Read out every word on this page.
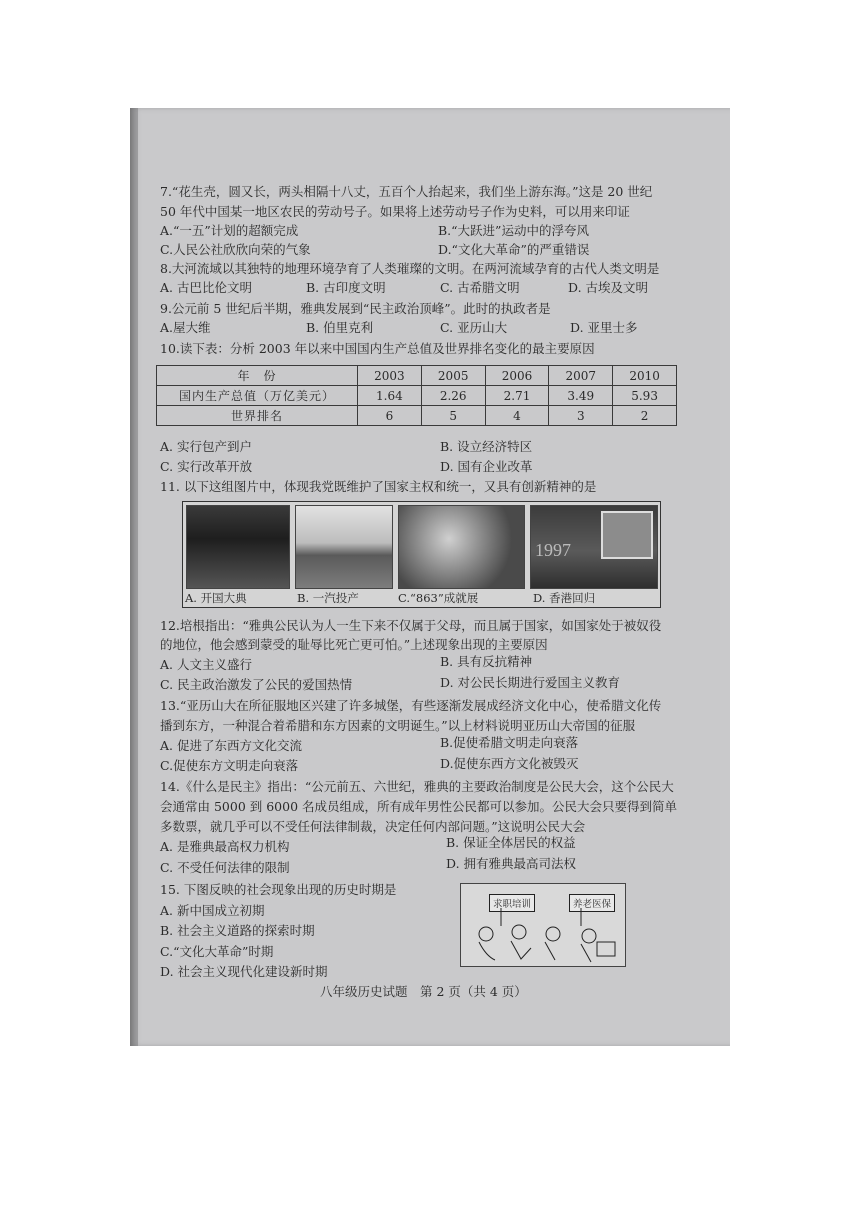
7.“花生壳，圆又长，两头相隔十八丈，五百个人抬起来，我们坐上游东海。”这是 20 世纪
50 年代中国某一地区农民的劳动号子。如果将上述劳动号子作为史料，可以用来印证
A.“一五”计划的超额完成	B.“大跃进”运动中的浮夸风
C.人民公社欣欣向荣的气象	D.“文化大革命”的严重错误
8.大河流域以其独特的地理环境孕育了人类璀璨的文明。在两河流域孕育的古代人类文明是
A. 古巴比伦文明	B. 古印度文明	C. 古希腊文明	D. 古埃及文明
9.公元前 5 世纪后半期，雅典发展到“民主政治顶峰”。此时的执政者是
A.屋大维	B. 伯里克利	C. 亚历山大	D. 亚里士多
10.读下表：分析 2003 年以来中国国内生产总值及世界排名变化的最主要原因
年　份	2003	2005	2006	2007	2010
国内生产总值（万亿美元）	1.64	2.26	2.71	3.49	5.93
世界排名	6	5	4	3	2
A. 实行包产到户	B. 设立经济特区
C. 实行改革开放	D. 国有企业改革
11. 以下这组图片中，体现我党既维护了国家主权和统一，又具有创新精神的是
1997
A. 开国大典	B. 一汽投产	C.“863”成就展	D. 香港回归
12.培根指出：“雅典公民认为人一生下来不仅属于父母，而且属于国家，如国家处于被奴役
的地位，他会感到蒙受的耻辱比死亡更可怕。”上述现象出现的主要原因
A. 人文主义盛行	B. 具有反抗精神
C. 民主政治激发了公民的爱国热情	D. 对公民长期进行爱国主义教育
13.“亚历山大在所征服地区兴建了许多城堡，有些逐渐发展成经济文化中心，使希腊文化传
播到东方，一种混合着希腊和东方因素的文明诞生。”以上材料说明亚历山大帝国的征服
A. 促进了东西方文化交流	B.促使希腊文明走向衰落
C.促使东方文明走向衰落	D.促使东西方文化被毁灭
14.《什么是民主》指出：“公元前五、六世纪，雅典的主要政治制度是公民大会，这个公民大
会通常由 5000 到 6000 名成员组成，所有成年男性公民都可以参加。公民大会只要得到简单
多数票，就几乎可以不受任何法律制裁，决定任何内部问题。”这说明公民大会
A. 是雅典最高权力机构	B. 保证全体居民的权益
C. 不受任何法律的限制	D. 拥有雅典最高司法权
15. 下图反映的社会现象出现的历史时期是
A. 新中国成立初期
B. 社会主义道路的探索时期
C.“文化大革命”时期
D. 社会主义现代化建设新时期
求职培训	养老医保
八年级历史试题　第 2 页（共 4 页）
